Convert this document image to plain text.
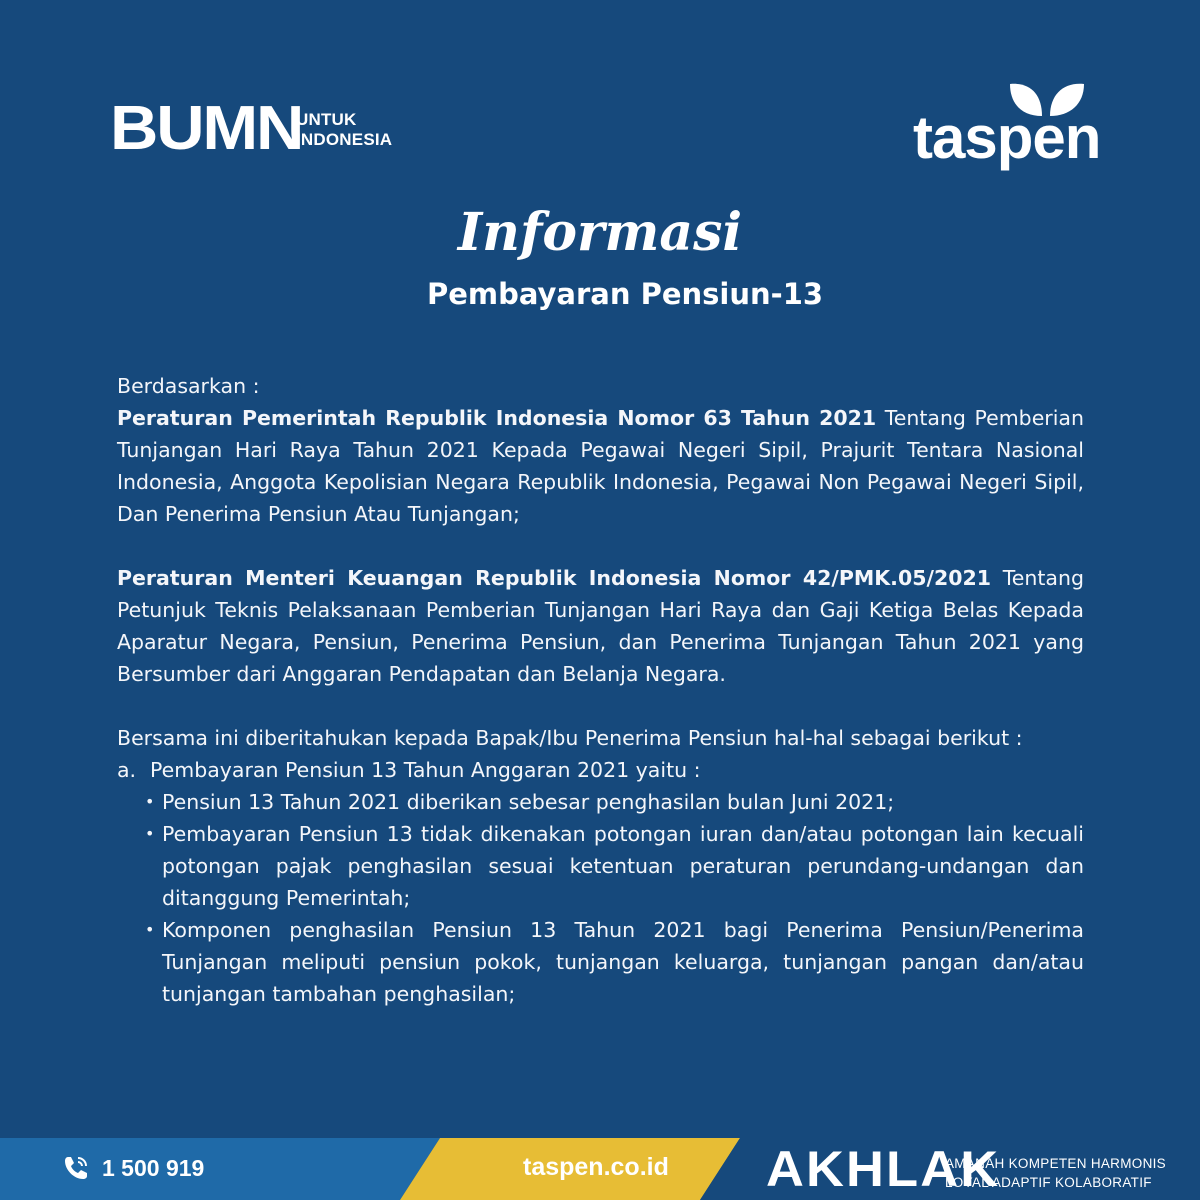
BUMN
UNTUK
INDONESIA	taspen
Informasi
Pembayaran Pensiun-13
Berdasarkan :
Peraturan Pemerintah Republik Indonesia Nomor 63 Tahun 2021 Tentang Pemberian Tunjangan Hari Raya Tahun 2021 Kepada Pegawai Negeri Sipil, Prajurit Tentara Nasional Indonesia, Anggota Kepolisian Negara Republik Indonesia, Pegawai Non Pegawai Negeri Sipil, Dan Penerima Pensiun Atau Tunjangan;
Peraturan Menteri Keuangan Republik Indonesia Nomor 42/PMK.05/2021 Tentang Petunjuk Teknis Pelaksanaan Pemberian Tunjangan Hari Raya dan Gaji Ketiga Belas Kepada Aparatur Negara, Pensiun, Penerima Pensiun, dan Penerima Tunjangan Tahun 2021 yang Bersumber dari Anggaran Pendapatan dan Belanja Negara.
Bersama ini diberitahukan kepada Bapak/Ibu Penerima Pensiun hal-hal sebagai berikut :
a. Pembayaran Pensiun 13 Tahun Anggaran 2021 yaitu :
• Pensiun 13 Tahun 2021 diberikan sebesar penghasilan bulan Juni 2021;
• Pembayaran Pensiun 13 tidak dikenakan potongan iuran dan/atau potongan lain kecuali potongan pajak penghasilan sesuai ketentuan peraturan perundang-undangan dan ditanggung Pemerintah;
• Komponen penghasilan Pensiun 13 Tahun 2021 bagi Penerima Pensiun/Penerima Tunjangan meliputi pensiun pokok, tunjangan keluarga, tunjangan pangan dan/atau tunjangan tambahan penghasilan;
1 500 919	taspen.co.id AKHLAK
AMANAH KOMPETEN HARMONIS
LOYAL ADAPTIF KOLABORATIF
